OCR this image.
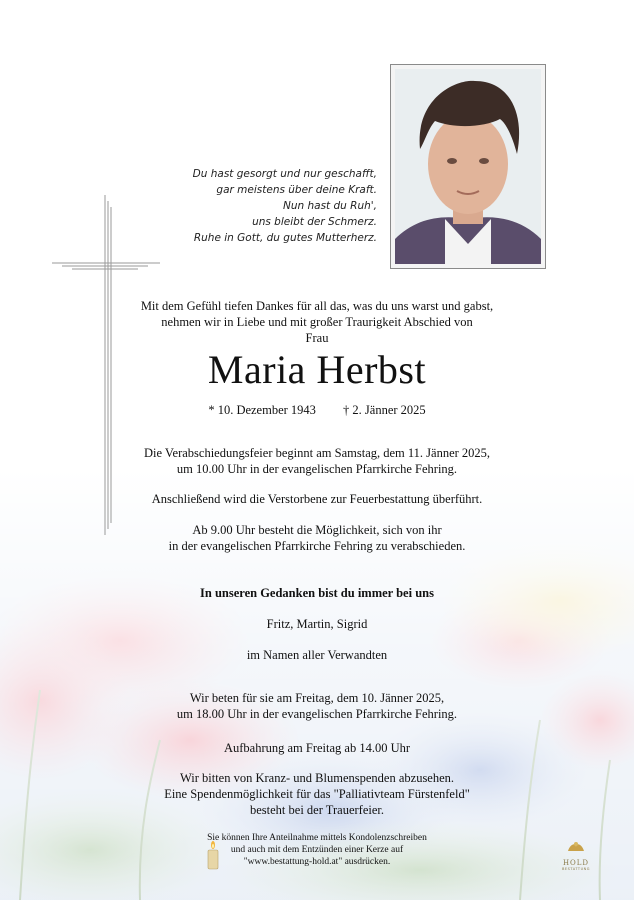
Du hast gesorgt und nur geschafft,
gar meistens über deine Kraft.
Nun hast du Ruh',
uns bleibt der Schmerz.
Ruhe in Gott, du gutes Mutterherz.
Mit dem Gefühl tiefen Dankes für all das, was du uns warst und gabst,
nehmen wir in Liebe und mit großer Traurigkeit Abschied von
Frau
Maria Herbst
* 10. Dezember 1943 † 2. Jänner 2025
Die Verabschiedungsfeier beginnt am Samstag, dem 11. Jänner 2025,
um 10.00 Uhr in der evangelischen Pfarrkirche Fehring.
Anschließend wird die Verstorbene zur Feuerbestattung überführt.
Ab 9.00 Uhr besteht die Möglichkeit, sich von ihr
in der evangelischen Pfarrkirche Fehring zu verabschieden.
In unseren Gedanken bist du immer bei uns
Fritz, Martin, Sigrid
im Namen aller Verwandten
Wir beten für sie am Freitag, dem 10. Jänner 2025,
um 18.00 Uhr in der evangelischen Pfarrkirche Fehring.
Aufbahrung am Freitag ab 14.00 Uhr
Wir bitten von Kranz- und Blumenspenden abzusehen.
Eine Spendenmöglichkeit für das "Palliativteam Fürstenfeld"
besteht bei der Trauerfeier.
Sie können Ihre Anteilnahme mittels Kondolenzschreiben
und auch mit dem Entzünden einer Kerze auf
"www.bestattung-hold.at" ausdrücken.	HOLD
BESTATTUNG
